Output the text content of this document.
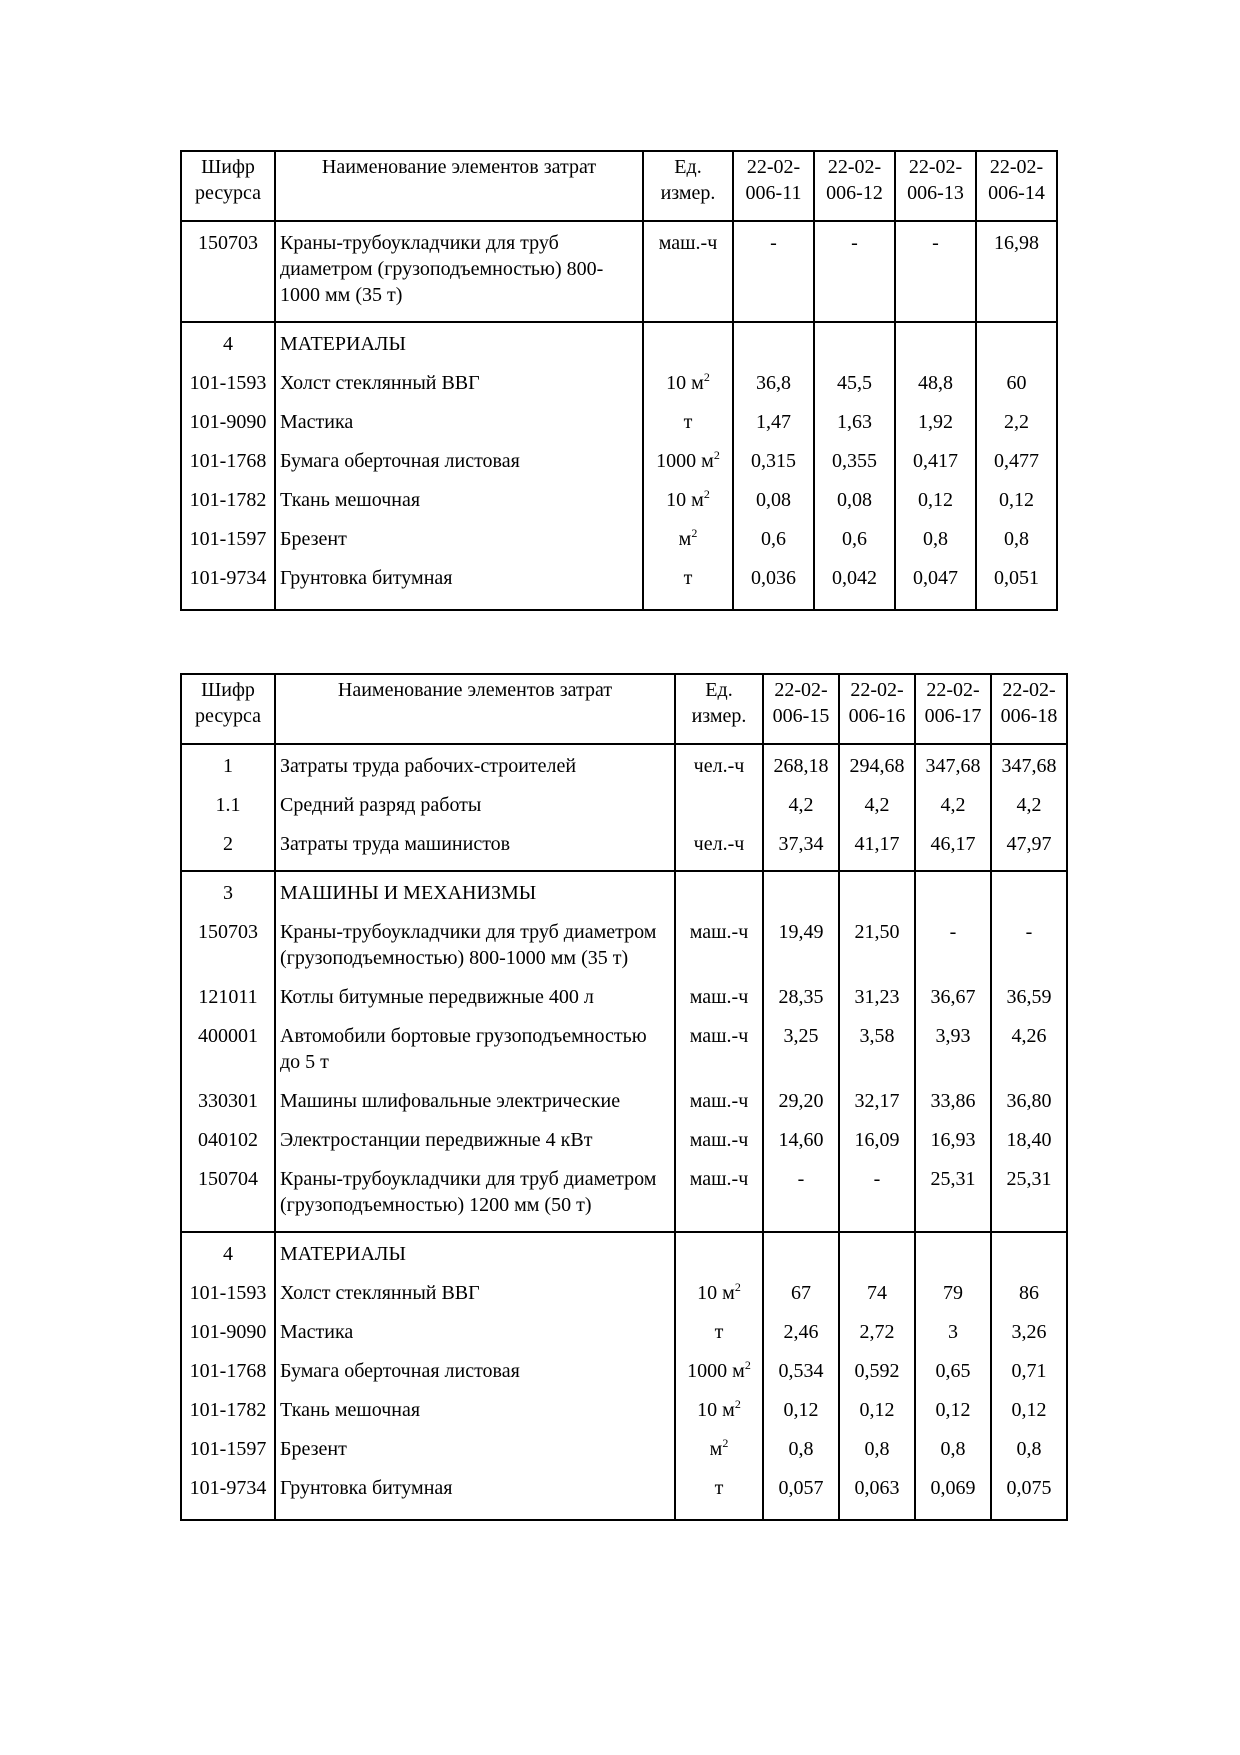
Шифр ресурса	Наименование элементов затрат	Ед. измер.	22-02-006-11	22-02-006-12	22-02-006-13	22-02-006-14
150703	Краны-трубоукладчики для труб диаметром (грузоподъемностью) 800-1000 мм (35 т)	маш.-ч	-	-	-	16,98
4	МАТЕРИАЛЫ					
101-1593	Холст стеклянный ВВГ	10 $м^2$	36,8	45,5	48,8	60
101-9090	Мастика	т	1,47	1,63	1,92	2,2
101-1768	Бумага оберточная листовая	1000 $м^2$	0,315	0,355	0,417	0,477
101-1782	Ткань мешочная	10 $м^2$	0,08	0,08	0,12	0,12
101-1597	Брезент	$м^2$	0,6	0,6	0,8	0,8
101-9734	Грунтовка битумная	т	0,036	0,042	0,047	0,051
Шифр ресурса	Наименование элементов затрат	Ед. измер.	22-02-006-15	22-02-006-16	22-02-006-17	22-02-006-18
1	Затраты труда рабочих-строителей	чел.-ч	268,18	294,68	347,68	347,68
1.1	Средний разряд работы		4,2	4,2	4,2	4,2
2	Затраты труда машинистов	чел.-ч	37,34	41,17	46,17	47,97
3	МАШИНЫ И МЕХАНИЗМЫ					
150703	Краны-трубоукладчики для труб диаметром (грузоподъемностью) 800-1000 мм (35 т)	маш.-ч	19,49	21,50	-	-
121011	Котлы битумные передвижные 400 л	маш.-ч	28,35	31,23	36,67	36,59
400001	Автомобили бортовые грузоподъемностью до 5 т	маш.-ч	3,25	3,58	3,93	4,26
330301	Машины шлифовальные электрические	маш.-ч	29,20	32,17	33,86	36,80
040102	Электростанции передвижные 4 кВт	маш.-ч	14,60	16,09	16,93	18,40
150704	Краны-трубоукладчики для труб диаметром (грузоподъемностью) 1200 мм (50 т)	маш.-ч	-	-	25,31	25,31
4	МАТЕРИАЛЫ					
101-1593	Холст стеклянный ВВГ	10 $м^2$	67	74	79	86
101-9090	Мастика	т	2,46	2,72	3	3,26
101-1768	Бумага оберточная листовая	1000 $м^2$	0,534	0,592	0,65	0,71
101-1782	Ткань мешочная	10 $м^2$	0,12	0,12	0,12	0,12
101-1597	Брезент	$м^2$	0,8	0,8	0,8	0,8
101-9734	Грунтовка битумная	т	0,057	0,063	0,069	0,075
